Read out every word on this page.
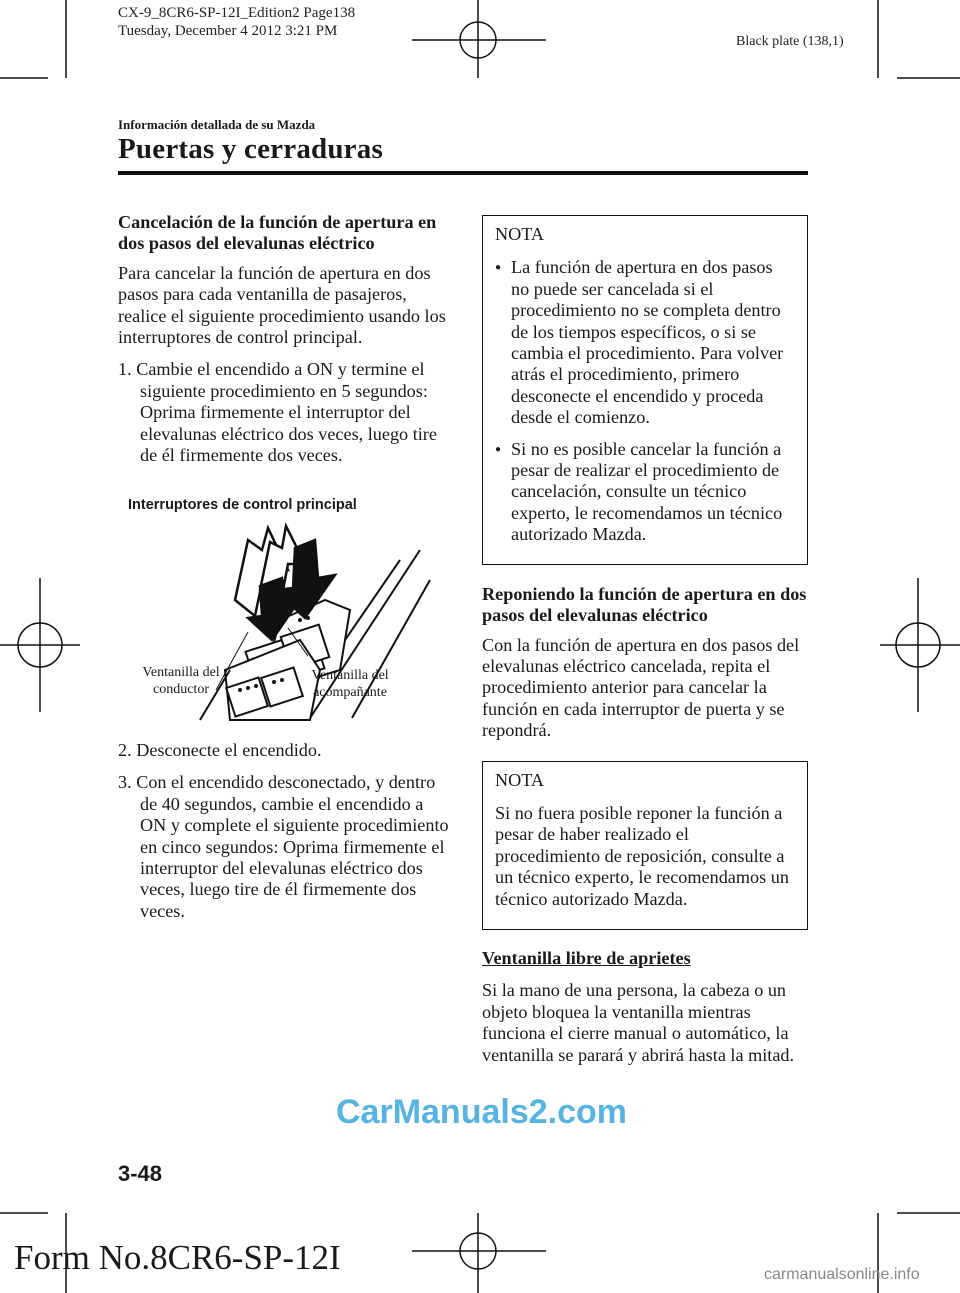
CX-9_8CR6-SP-12I_Edition2 Page138
Tuesday, December 4 2012 3:21 PM
Black plate (138,1)
Información detallada de su Mazda
Puertas y cerraduras

Cancelación de la función de apertura en dos pasos del elevalunas eléctrico

Para cancelar la función de apertura en dos pasos para cada ventanilla de pasajeros, realice el siguiente procedimiento usando los interruptores de control principal.

1. Cambie el encendido a ON y termine el siguiente procedimiento en 5 segundos: Oprima firmemente el interruptor del elevalunas eléctrico dos veces, luego tire de él firmemente dos veces.

Interruptores de control principal
Ventanilla del
conductor
Ventanilla del
acompañante

2. Desconecte el encendido.

3. Con el encendido desconectado, y dentro de 40 segundos, cambie el encendido a ON y complete el siguiente procedimiento en cinco segundos: Oprima firmemente el interruptor del elevalunas eléctrico dos veces, luego tire de él firmemente dos veces.

NOTA

● La función de apertura en dos pasos no puede ser cancelada si el procedimiento no se completa dentro de los tiempos específicos, o si se cambia el procedimiento. Para volver atrás el procedimiento, primero desconecte el encendido y proceda desde el comienzo.

● Si no es posible cancelar la función a pesar de realizar el procedimiento de cancelación, consulte un técnico experto, le recomendamos un técnico autorizado Mazda.

Reponiendo la función de apertura en dos pasos del elevalunas eléctrico

Con la función de apertura en dos pasos del elevalunas eléctrico cancelada, repita el procedimiento anterior para cancelar la función en cada interruptor de puerta y se repondrá.

NOTA

Si no fuera posible reponer la función a pesar de haber realizado el procedimiento de reposición, consulte a un técnico experto, le recomendamos un técnico autorizado Mazda.

Ventanilla libre de aprietes

Si la mano de una persona, la cabeza o un objeto bloquea la ventanilla mientras funciona el cierre manual o automático, la ventanilla se parará y abrirá hasta la mitad.

3-48
CarManuals2.com
Form No.8CR6-SP-12I	carmanualsonline.info
